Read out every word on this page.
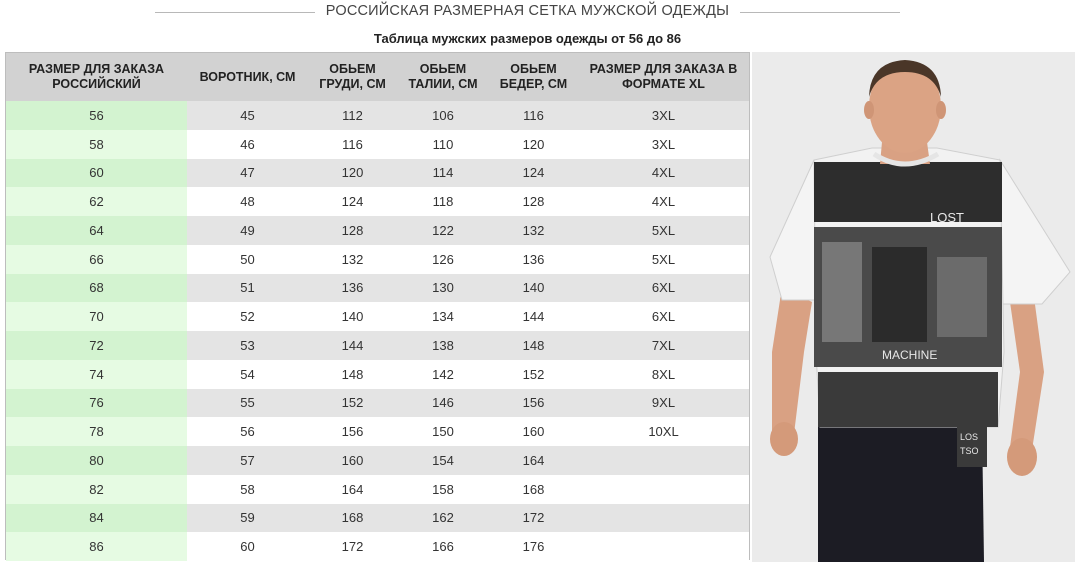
РОССИЙСКАЯ РАЗМЕРНАЯ СЕТКА МУЖСКОЙ ОДЕЖДЫ
Таблица мужских размеров одежды от 56 до 86
РАЗМЕР ДЛЯ ЗАКАЗА РОССИЙСКИЙ	ВОРОТНИК, СМ	ОБЬЕМ ГРУДИ, СМ	ОБЬЕМ ТАЛИИ, СМ	ОБЬЕМ БЕДЕР, СМ	РАЗМЕР ДЛЯ ЗАКАЗА В ФОРМАТЕ XL
56	45	112	106	116	3XL
58	46	116	110	120	3XL
60	47	120	114	124	4XL
62	48	124	118	128	4XL
64	49	128	122	132	5XL
66	50	132	126	136	5XL
68	51	136	130	140	6XL
70	52	140	134	144	6XL
72	53	144	138	148	7XL
74	54	148	142	152	8XL
76	55	152	146	156	9XL
78	56	156	150	160	10XL
80	57	160	154	164	
82	58	164	158	168	
84	59	168	162	172	
86	60	172	166	176	
LOST
MACHINE
LOS
TSO
